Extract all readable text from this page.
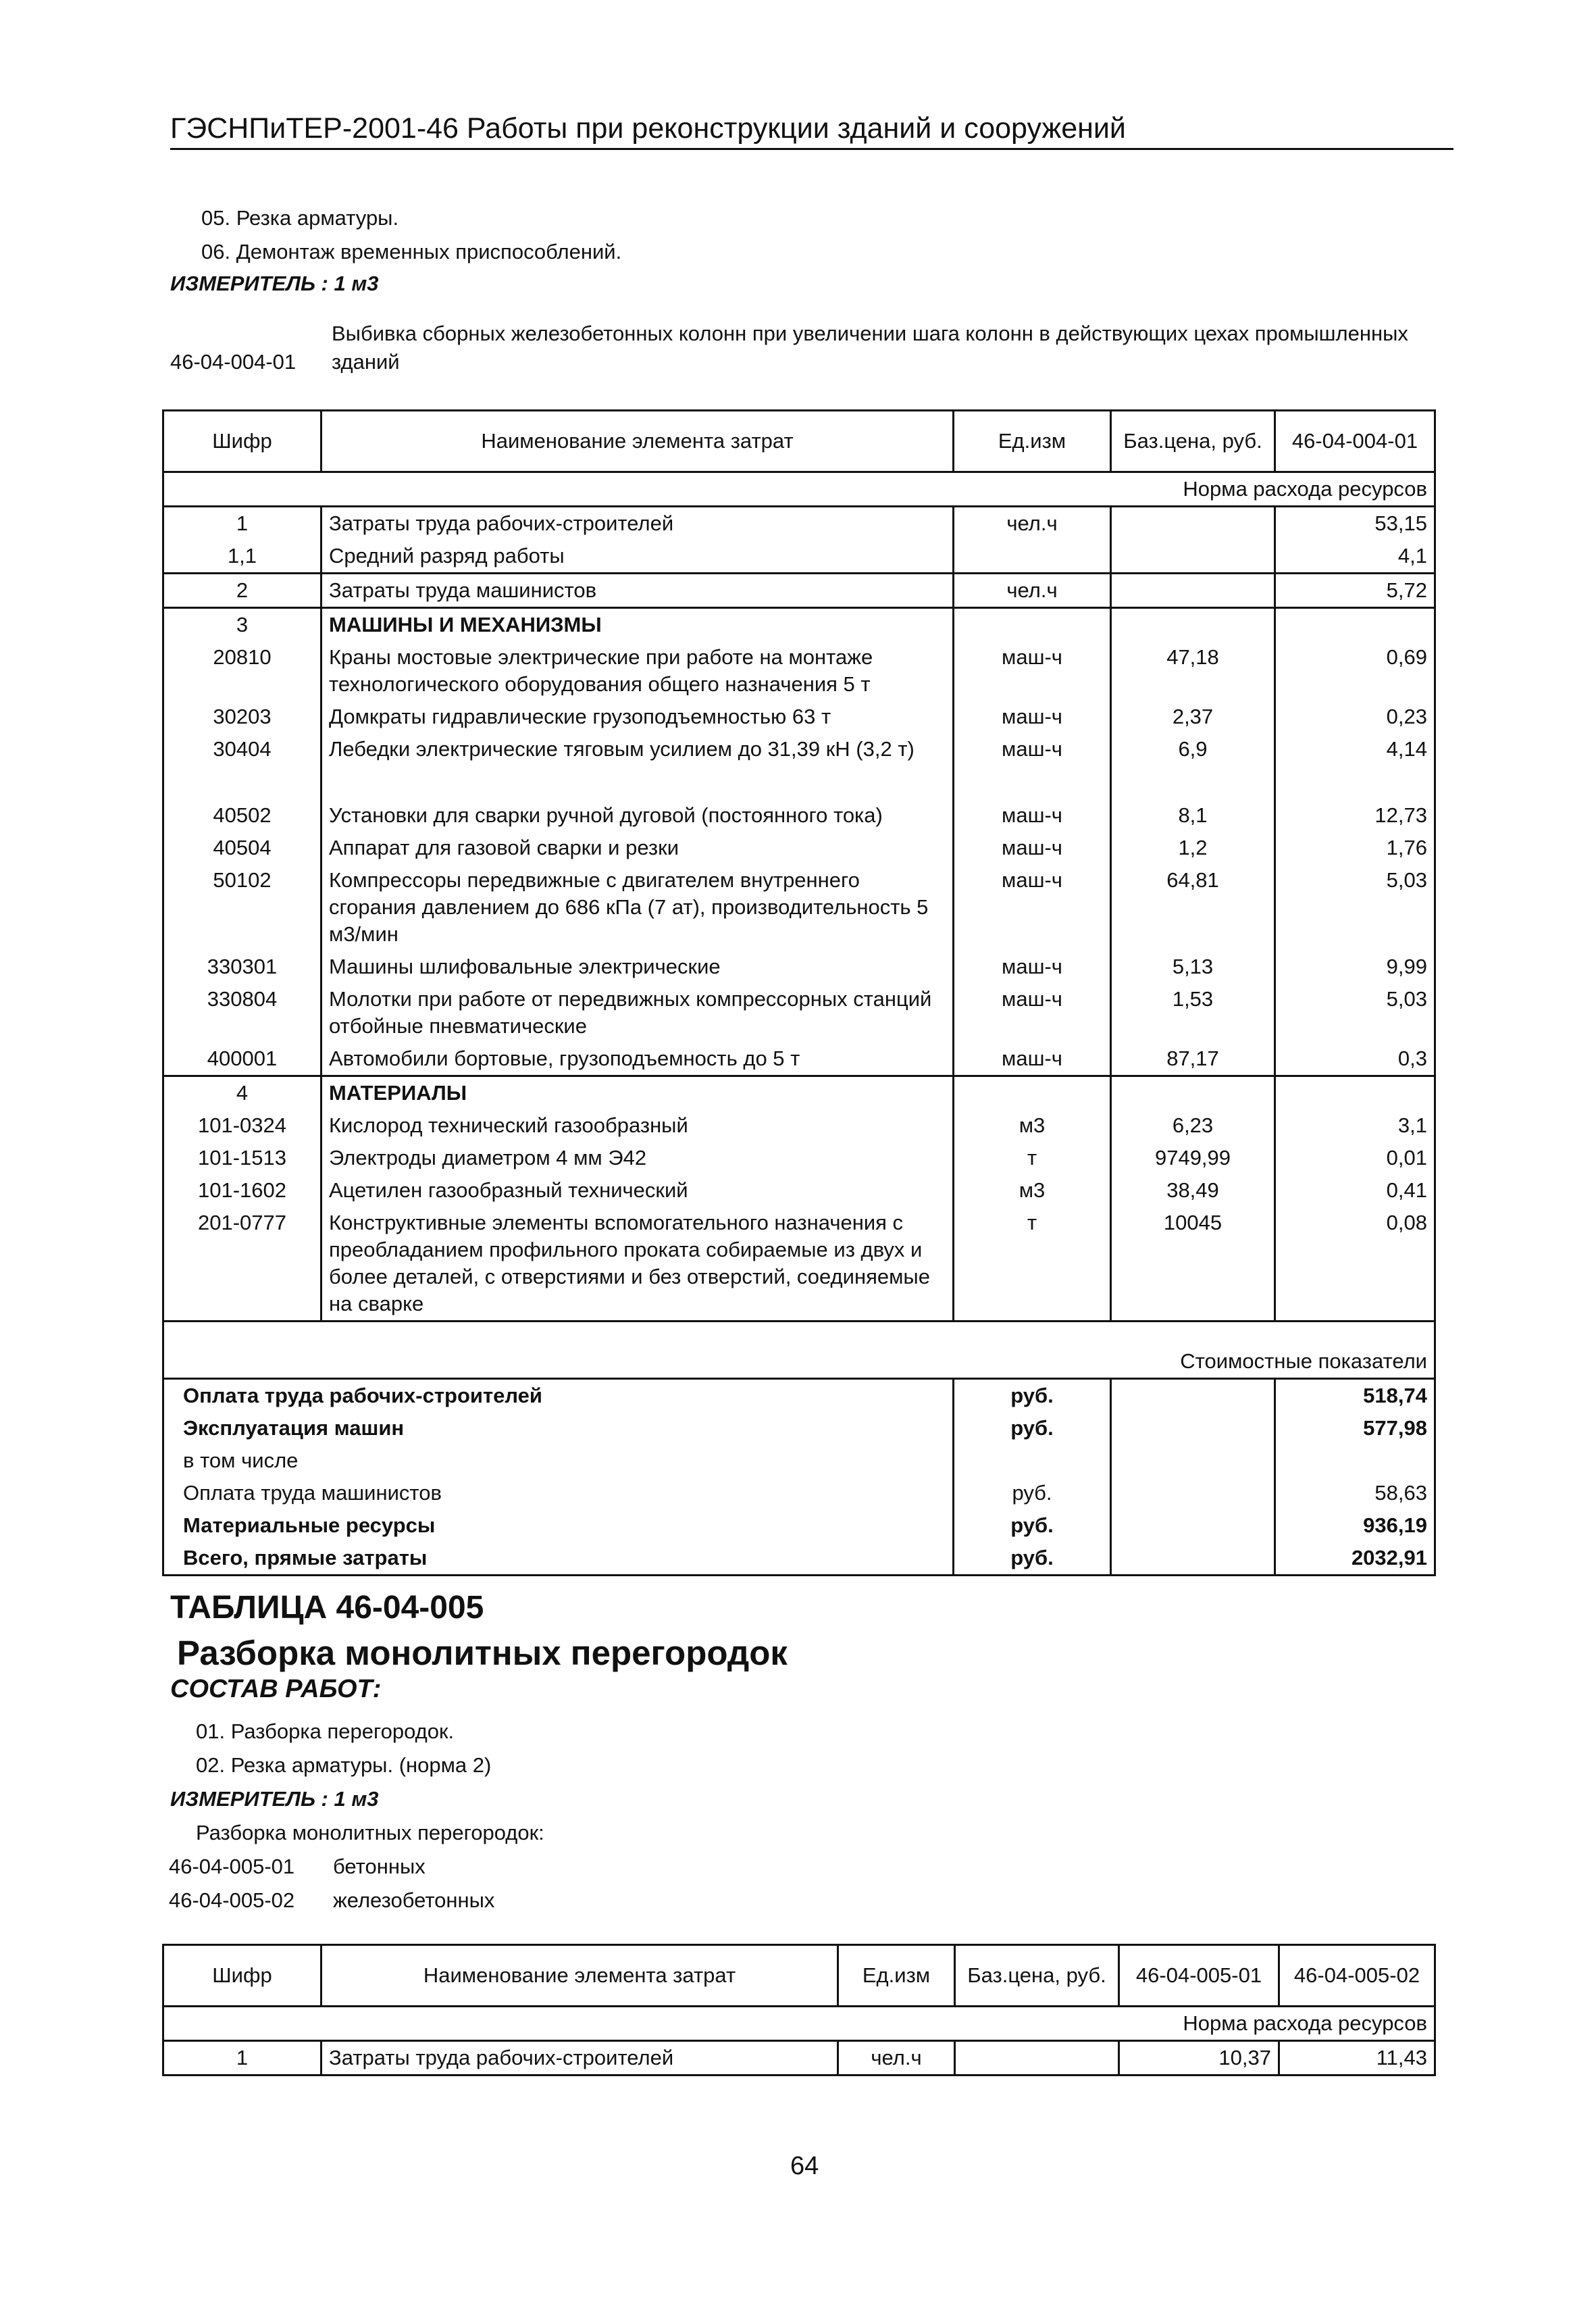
ГЭСНПиТЕР-2001-46 Работы при реконструкции зданий и сооружений
05. Резка арматуры.
06. Демонтаж временных приспособлений.
ИЗМЕРИТЕЛЬ : 1 м3
Выбивка сборных железобетонных колонн при увеличении шага колонн в действующих цехах промышленных
46-04-004-01 зданий
Шифр	Наименование элемента затрат	Ед.изм	Баз.цена, руб.	46-04-004-01
Норма расхода ресурсов				
1	Затраты труда рабочих-строителей	чел.ч		53,15
1,1	Средний разряд работы			4,1
2	Затраты труда машинистов	чел.ч		5,72
3	МАШИНЫ И МЕХАНИЗМЫ			
20810	Краны мостовые электрические при работе на монтаже технологического оборудования общего назначения 5 т	маш-ч	47,18	0,69
30203	Домкраты гидравлические грузоподъемностью 63 т	маш-ч	2,37	0,23
30404	Лебедки электрические тяговым усилием до 31,39 кН (3,2 т)	маш-ч	6,9	4,14
40502	Установки для сварки ручной дуговой (постоянного тока)	маш-ч	8,1	12,73
40504	Аппарат для газовой сварки и резки	маш-ч	1,2	1,76
50102	Компрессоры передвижные с двигателем внутреннего сгорания давлением до 686 кПа (7 ат), производительность 5 м3/мин	маш-ч	64,81	5,03
330301	Машины шлифовальные электрические	маш-ч	5,13	9,99
330804	Молотки при работе от передвижных компрессорных станций отбойные пневматические	маш-ч	1,53	5,03
400001	Автомобили бортовые, грузоподъемность до 5 т	маш-ч	87,17	0,3
4	МАТЕРИАЛЫ			
101-0324	Кислород технический газообразный	м3	6,23	3,1
101-1513	Электроды диаметром 4 мм Э42	т	9749,99	0,01
101-1602	Ацетилен газообразный технический	м3	38,49	0,41
201-0777	Конструктивные элементы вспомогательного назначения с преобладанием профильного проката собираемые из двух и более деталей, с отверстиями и без отверстий, соединяемые на сварке	т	10045	0,08
Стоимостные показатели				
Оплата труда рабочих-строителей		руб.		518,74
Эксплуатация машин		руб.		577,98
в том числе				
Оплата труда машинистов		руб.		58,63
Материальные ресурсы		руб.		936,19
Всего, прямые затраты		руб.		2032,91
ТАБЛИЦА 46-04-005
Разборка монолитных перегородок
СОСТАВ РАБОТ:
01. Разборка перегородок.
02. Резка арматуры. (норма 2)
ИЗМЕРИТЕЛЬ : 1 м3
Разборка монолитных перегородок:
46-04-005-01 бетонных
46-04-005-02 железобетонных
Шифр	Наименование элемента затрат	Ед.изм	Баз.цена, руб.	46-04-005-01	46-04-005-02
Норма расхода ресурсов					
1	Затраты труда рабочих-строителей	чел.ч		10,37	11,43
64
